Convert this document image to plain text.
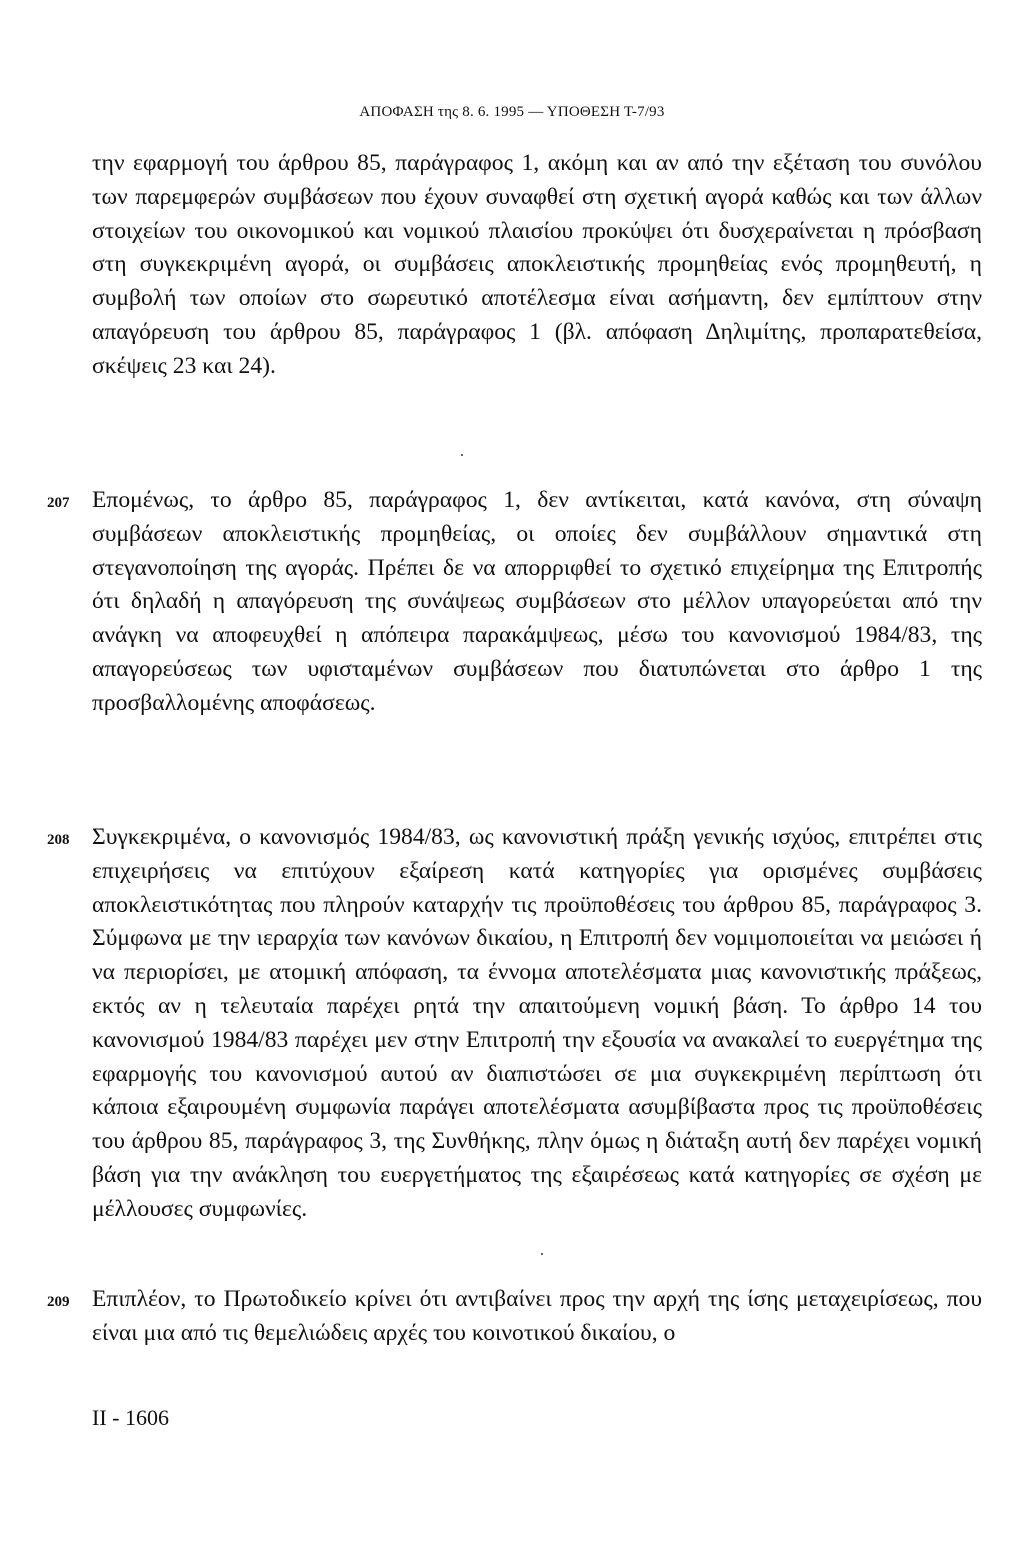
ΑΠΟΦΑΣΗ της 8. 6. 1995 — ΥΠΟΘΕΣΗ Τ-7/93

την εφαρμογή του άρθρου 85, παράγραφος 1, ακόμη και αν από την εξέταση του συνόλου των παρεμφερών συμβάσεων που έχουν συναφθεί στη σχετική αγορά καθώς και των άλλων στοιχείων του οικονομικού και νομικού πλαισίου προκύψει ότι δυσχεραίνεται η πρόσβαση στη συγκεκριμένη αγορά, οι συμβάσεις αποκλειστικής προμηθείας ενός προμηθευτή, η συμβολή των οποίων στο σωρευτικό αποτέλεσμα είναι ασήμαντη, δεν εμπίπτουν στην απαγόρευση του άρθρου 85, παράγραφος 1 (βλ. απόφαση Δηλιμίτης, προπαρατεθείσα, σκέψεις 23 και 24).

207 Επομένως, το άρθρο 85, παράγραφος 1, δεν αντίκειται, κατά κανόνα, στη σύναψη συμβάσεων αποκλειστικής προμηθείας, οι οποίες δεν συμβάλλουν σημαντικά στη στεγανοποίηση της αγοράς. Πρέπει δε να απορριφθεί το σχετικό επιχείρημα της Επιτροπής ότι δηλαδή η απαγόρευση της συνάψεως συμβάσεων στο μέλλον υπαγορεύεται από την ανάγκη να αποφευχθεί η απόπειρα παρακάμψεως, μέσω του κανονισμού 1984/83, της απαγορεύσεως των υφισταμένων συμβάσεων που διατυπώνεται στο άρθρο 1 της προσβαλλομένης αποφάσεως.

208 Συγκεκριμένα, ο κανονισμός 1984/83, ως κανονιστική πράξη γενικής ισχύος, επιτρέπει στις επιχειρήσεις να επιτύχουν εξαίρεση κατά κατηγορίες για ορισμένες συμβάσεις αποκλειστικότητας που πληρούν καταρχήν τις προϋποθέσεις του άρθρου 85, παράγραφος 3. Σύμφωνα με την ιεραρχία των κανόνων δικαίου, η Επιτροπή δεν νομιμοποιείται να μειώσει ή να περιορίσει, με ατομική απόφαση, τα έννομα αποτελέσματα μιας κανονιστικής πράξεως, εκτός αν η τελευταία παρέχει ρητά την απαιτούμενη νομική βάση. Το άρθρο 14 του κανονισμού 1984/83 παρέχει μεν στην Επιτροπή την εξουσία να ανακαλεί το ευεργέτημα της εφαρμογής του κανονισμού αυτού αν διαπιστώσει σε μια συγκεκριμένη περίπτωση ότι κάποια εξαιρουμένη συμφωνία παράγει αποτελέσματα ασυμβίβαστα προς τις προϋποθέσεις του άρθρου 85, παράγραφος 3, της Συνθήκης, πλην όμως η διάταξη αυτή δεν παρέχει νομική βάση για την ανάκληση του ευεργετήματος της εξαιρέσεως κατά κατηγορίες σε σχέση με μέλλουσες συμφωνίες.

209 Επιπλέον, το Πρωτοδικείο κρίνει ότι αντιβαίνει προς την αρχή της ίσης μεταχειρίσεως, που είναι μια από τις θεμελιώδεις αρχές του κοινοτικού δικαίου, ο

II - 1606
